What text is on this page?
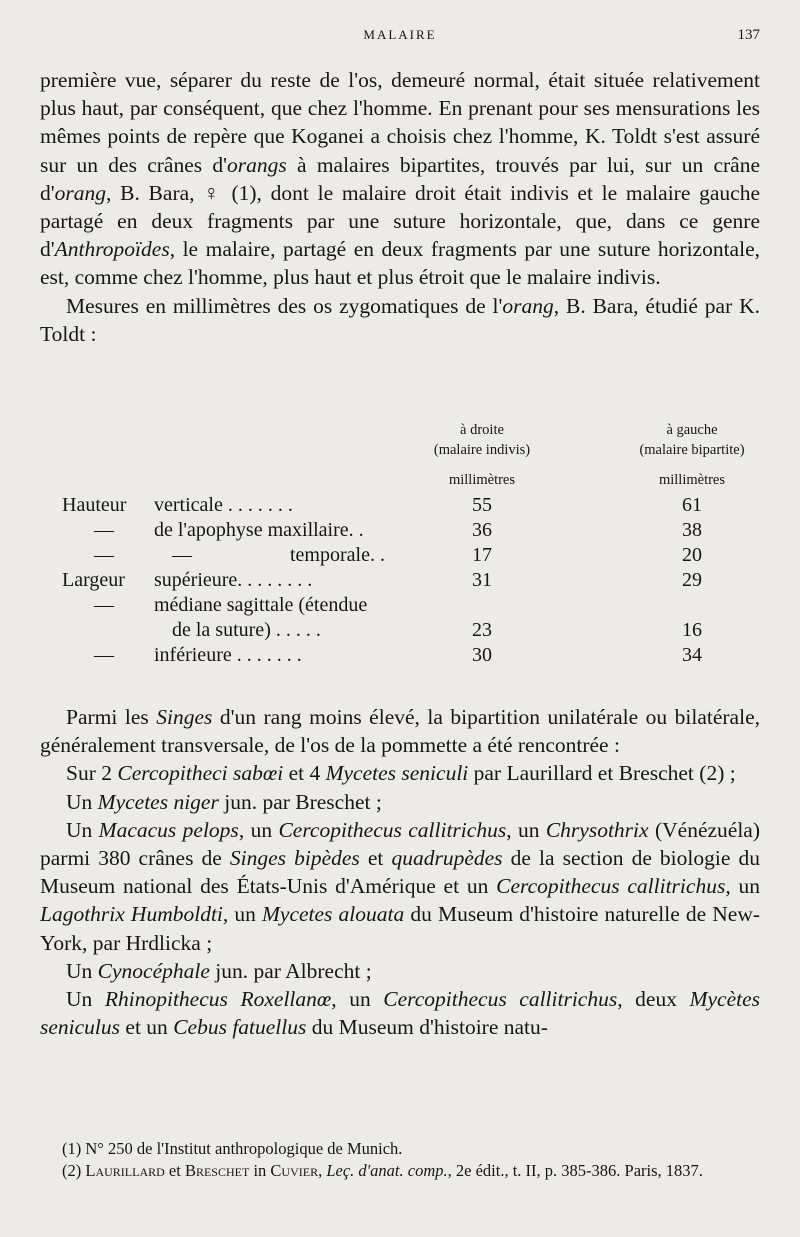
MALAIRE	137

première vue, séparer du reste de l'os, demeuré normal, était située relativement plus haut, par conséquent, que chez l'homme. En prenant pour ses mensurations les mêmes points de repère que Koganei a choisis chez l'homme, K. Toldt s'est assuré sur un des crânes d'orangs à malaires bipartites, trouvés par lui, sur un crâne d'orang, B. Bara, ♀ (1), dont le malaire droit était indivis et le malaire gauche partagé en deux fragments par une suture horizontale, que, dans ce genre d'Anthropoïdes, le malaire, partagé en deux fragments par une suture horizontale, est, comme chez l'homme, plus haut et plus étroit que le malaire indivis.

Mesures en millimètres des os zygomatiques de l'orang, B. Bara, étudié par K. Toldt :

à droite
(malaire indivis)
à gauche
(malaire bipartite)
millimètres	millimètres
Hauteur verticale . . . . . . .	55	61
— de l'apophyse maxillaire. .	36	38
—	—	temporale. .	17	20
Largeur supérieure. . . . . . . .	31	29
— médiane sagittale (étendue
de la suture) . . . . .	23	16
— inférieure . . . . . . .	30	34

Parmi les Singes d'un rang moins élevé, la bipartition unilatérale ou bilatérale, généralement transversale, de l'os de la pommette a été rencontrée :

Sur 2 Cercopitheci sabœi et 4 Mycetes seniculi par Laurillard et Breschet (2) ;

Un Mycetes niger jun. par Breschet ;

Un Macacus pelops, un Cercopithecus callitrichus, un Chrysothrix (Vénézuéla) parmi 380 crânes de Singes bipèdes et quadrupèdes de la section de biologie du Museum national des États-Unis d'Amérique et un Cercopithecus callitrichus, un Lagothrix Humboldti, un Mycetes alouata du Museum d'histoire naturelle de New-York, par Hrdlicka ;

Un Cynocéphale jun. par Albrecht ;

Un Rhinopithecus Roxellanœ, un Cercopithecus callitrichus, deux Mycètes seniculus et un Cebus fatuellus du Museum d'histoire natu-

(1) N° 250 de l'Institut anthropologique de Munich.

(2) Laurillard et Breschet in Cuvier, Leç. d'anat. comp., 2e édit., t. II, p. 385-386. Paris, 1837.
